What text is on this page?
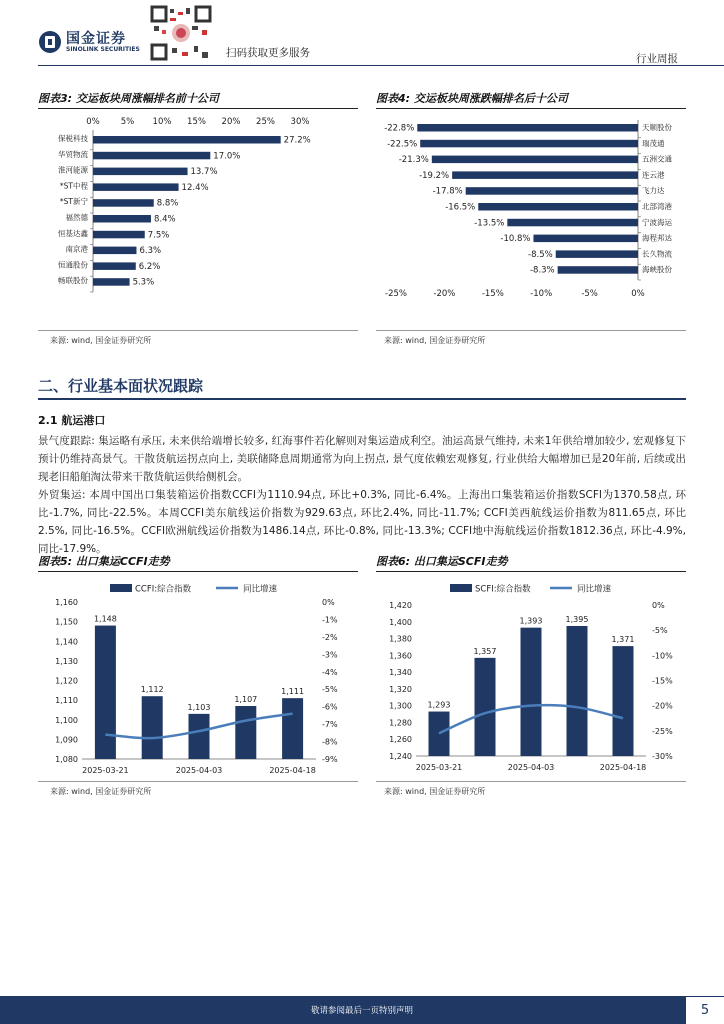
国金证券
SINOLINK SECURITIES	扫码获取更多服务	行业周报
图表3: 交运板块周涨幅排名前十公司	图表4: 交运板块周涨跌幅排名后十公司
0% 5% 10% 15% 20% 25% 30%
保税科技	27.2%
华贸物流	17.0%
淮河能源	13.7%
*ST中程	12.4%
*ST新宁	8.8%
福然德	8.4%
恒基达鑫	7.5%
南京港	6.3%
恒通股份	6.2%
畅联股份	5.3%
-22.8%	天顺股份
-22.5%	瑞茂通
-21.3%	五洲交通
-19.2%	连云港
-17.8%	飞力达
-16.5%	北部湾港
-13.5%	宁波海运
-10.8%	海程邦达
-8.5%	长久物流
-8.3%	海峡股份
-25%	-20%	-15%	-10%	-5%	0%
来源: wind, 国金证券研究所	来源: wind, 国金证券研究所
二、行业基本面状况跟踪
2.1 航运港口
景气度跟踪: 集运略有承压, 未来供给端增长较多, 红海事件若化解则对集运造成利空。油运高景气维持, 未来1年供给增加较少, 宏观修复下预计仍维持高景气。干散货航运拐点向上, 美联储降息周期通常为向上拐点, 景气度依赖宏观修复, 行业供给大幅增加已是20年前, 后续或出现老旧船舶淘汰带来干散货航运供给侧机会。
外贸集运: 本周中国出口集装箱运价指数CCFI为1110.94点, 环比+0.3%, 同比-6.4%。上海出口集装箱运价指数SCFI为1370.58点, 环比-1.7%, 同比-22.5%。本周CCFI美东航线运价指数为929.63点, 环比2.4%, 同比-11.7%; CCFI美西航线运价指数为811.65点, 环比2.5%, 同比-16.5%。CCFI欧洲航线运价指数为1486.14点, 环比-0.8%, 同比-13.3%; CCFI地中海航线运价指数1812.36点, 环比-4.9%, 同比-17.9%。
图表5: 出口集运CCFI走势	图表6: 出口集运SCFI走势
CCFI:综合指数	同比增速
1,160
1,150
1,140
1,130
1,120
1,110
1,100
1,090
1,080
0%
-1%
-2%
-3%
-4%
-5%
-6%
-7%
-8%
-9%
1,148
1,112
1,103
1,107
1,111
2025-03-21	2025-04-03	2025-04-18
SCFI:综合指数	同比增速
1,420
1,400
1,380
1,360
1,340
1,320
1,300
1,280
1,260
1,240
0%
-5%
-10%
-15%
-20%
-25%
-30%
1,293
1,357
1,393	1,395
1,371
2025-03-21	2025-04-03	2025-04-18
来源: wind, 国金证券研究所	来源: wind, 国金证券研究所
敬请参阅最后一页特别声明	5
